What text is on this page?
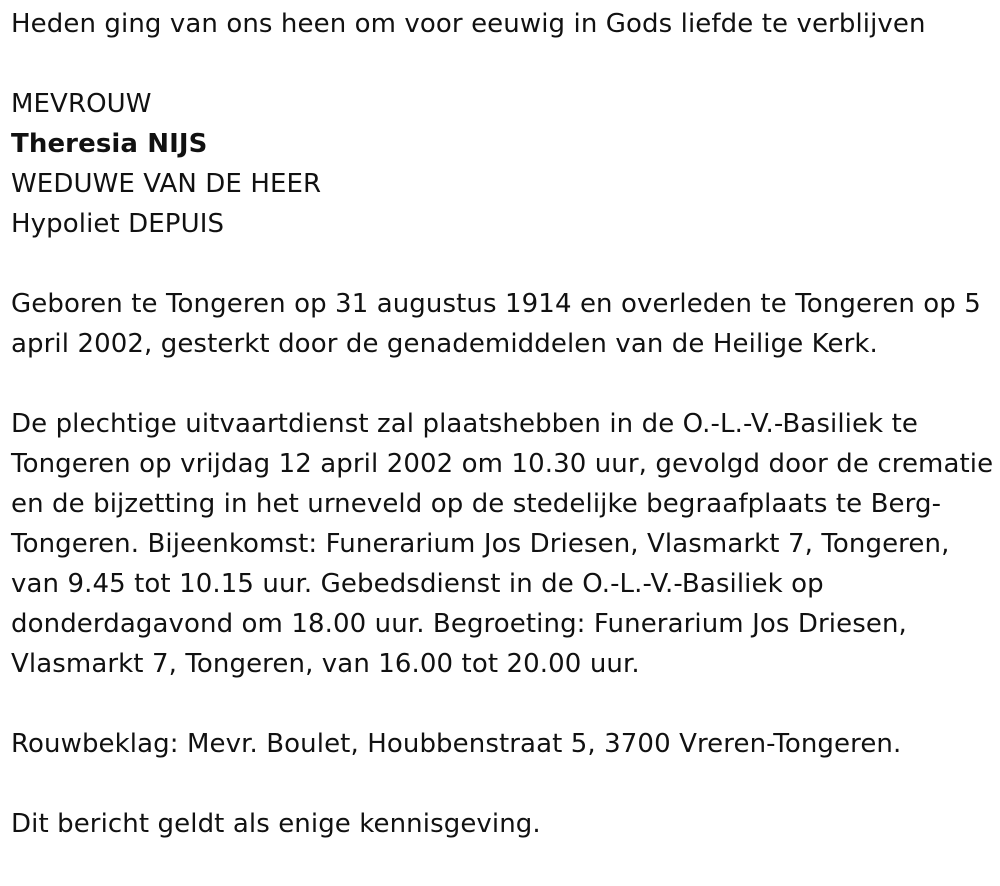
Heden ging van ons heen om voor eeuwig in Gods liefde te verblijven

MEVROUW

Theresia NIJS

WEDUWE VAN DE HEER

Hypoliet DEPUIS

Geboren te Tongeren op 31 augustus 1914 en overleden te Tongeren op 5 april 2002, gesterkt door de genademiddelen van de Heilige Kerk.

De plechtige uitvaartdienst zal plaatshebben in de O.-L.-V.-Basiliek te Tongeren op vrijdag 12 april 2002 om 10.30 uur, gevolgd door de crematie en de bijzetting in het urneveld op de stedelijke begraafplaats te Berg-Tongeren. Bijeenkomst: Funerarium Jos Driesen, Vlasmarkt 7, Tongeren, van 9.45 tot 10.15 uur. Gebedsdienst in de O.-L.-V.-Basiliek op donderdagavond om 18.00 uur. Begroeting: Funerarium Jos Driesen, Vlasmarkt 7, Tongeren, van 16.00 tot 20.00 uur.

Rouwbeklag: Mevr. Boulet, Houbbenstraat 5, 3700 Vreren-Tongeren.

Dit bericht geldt als enige kennisgeving.
